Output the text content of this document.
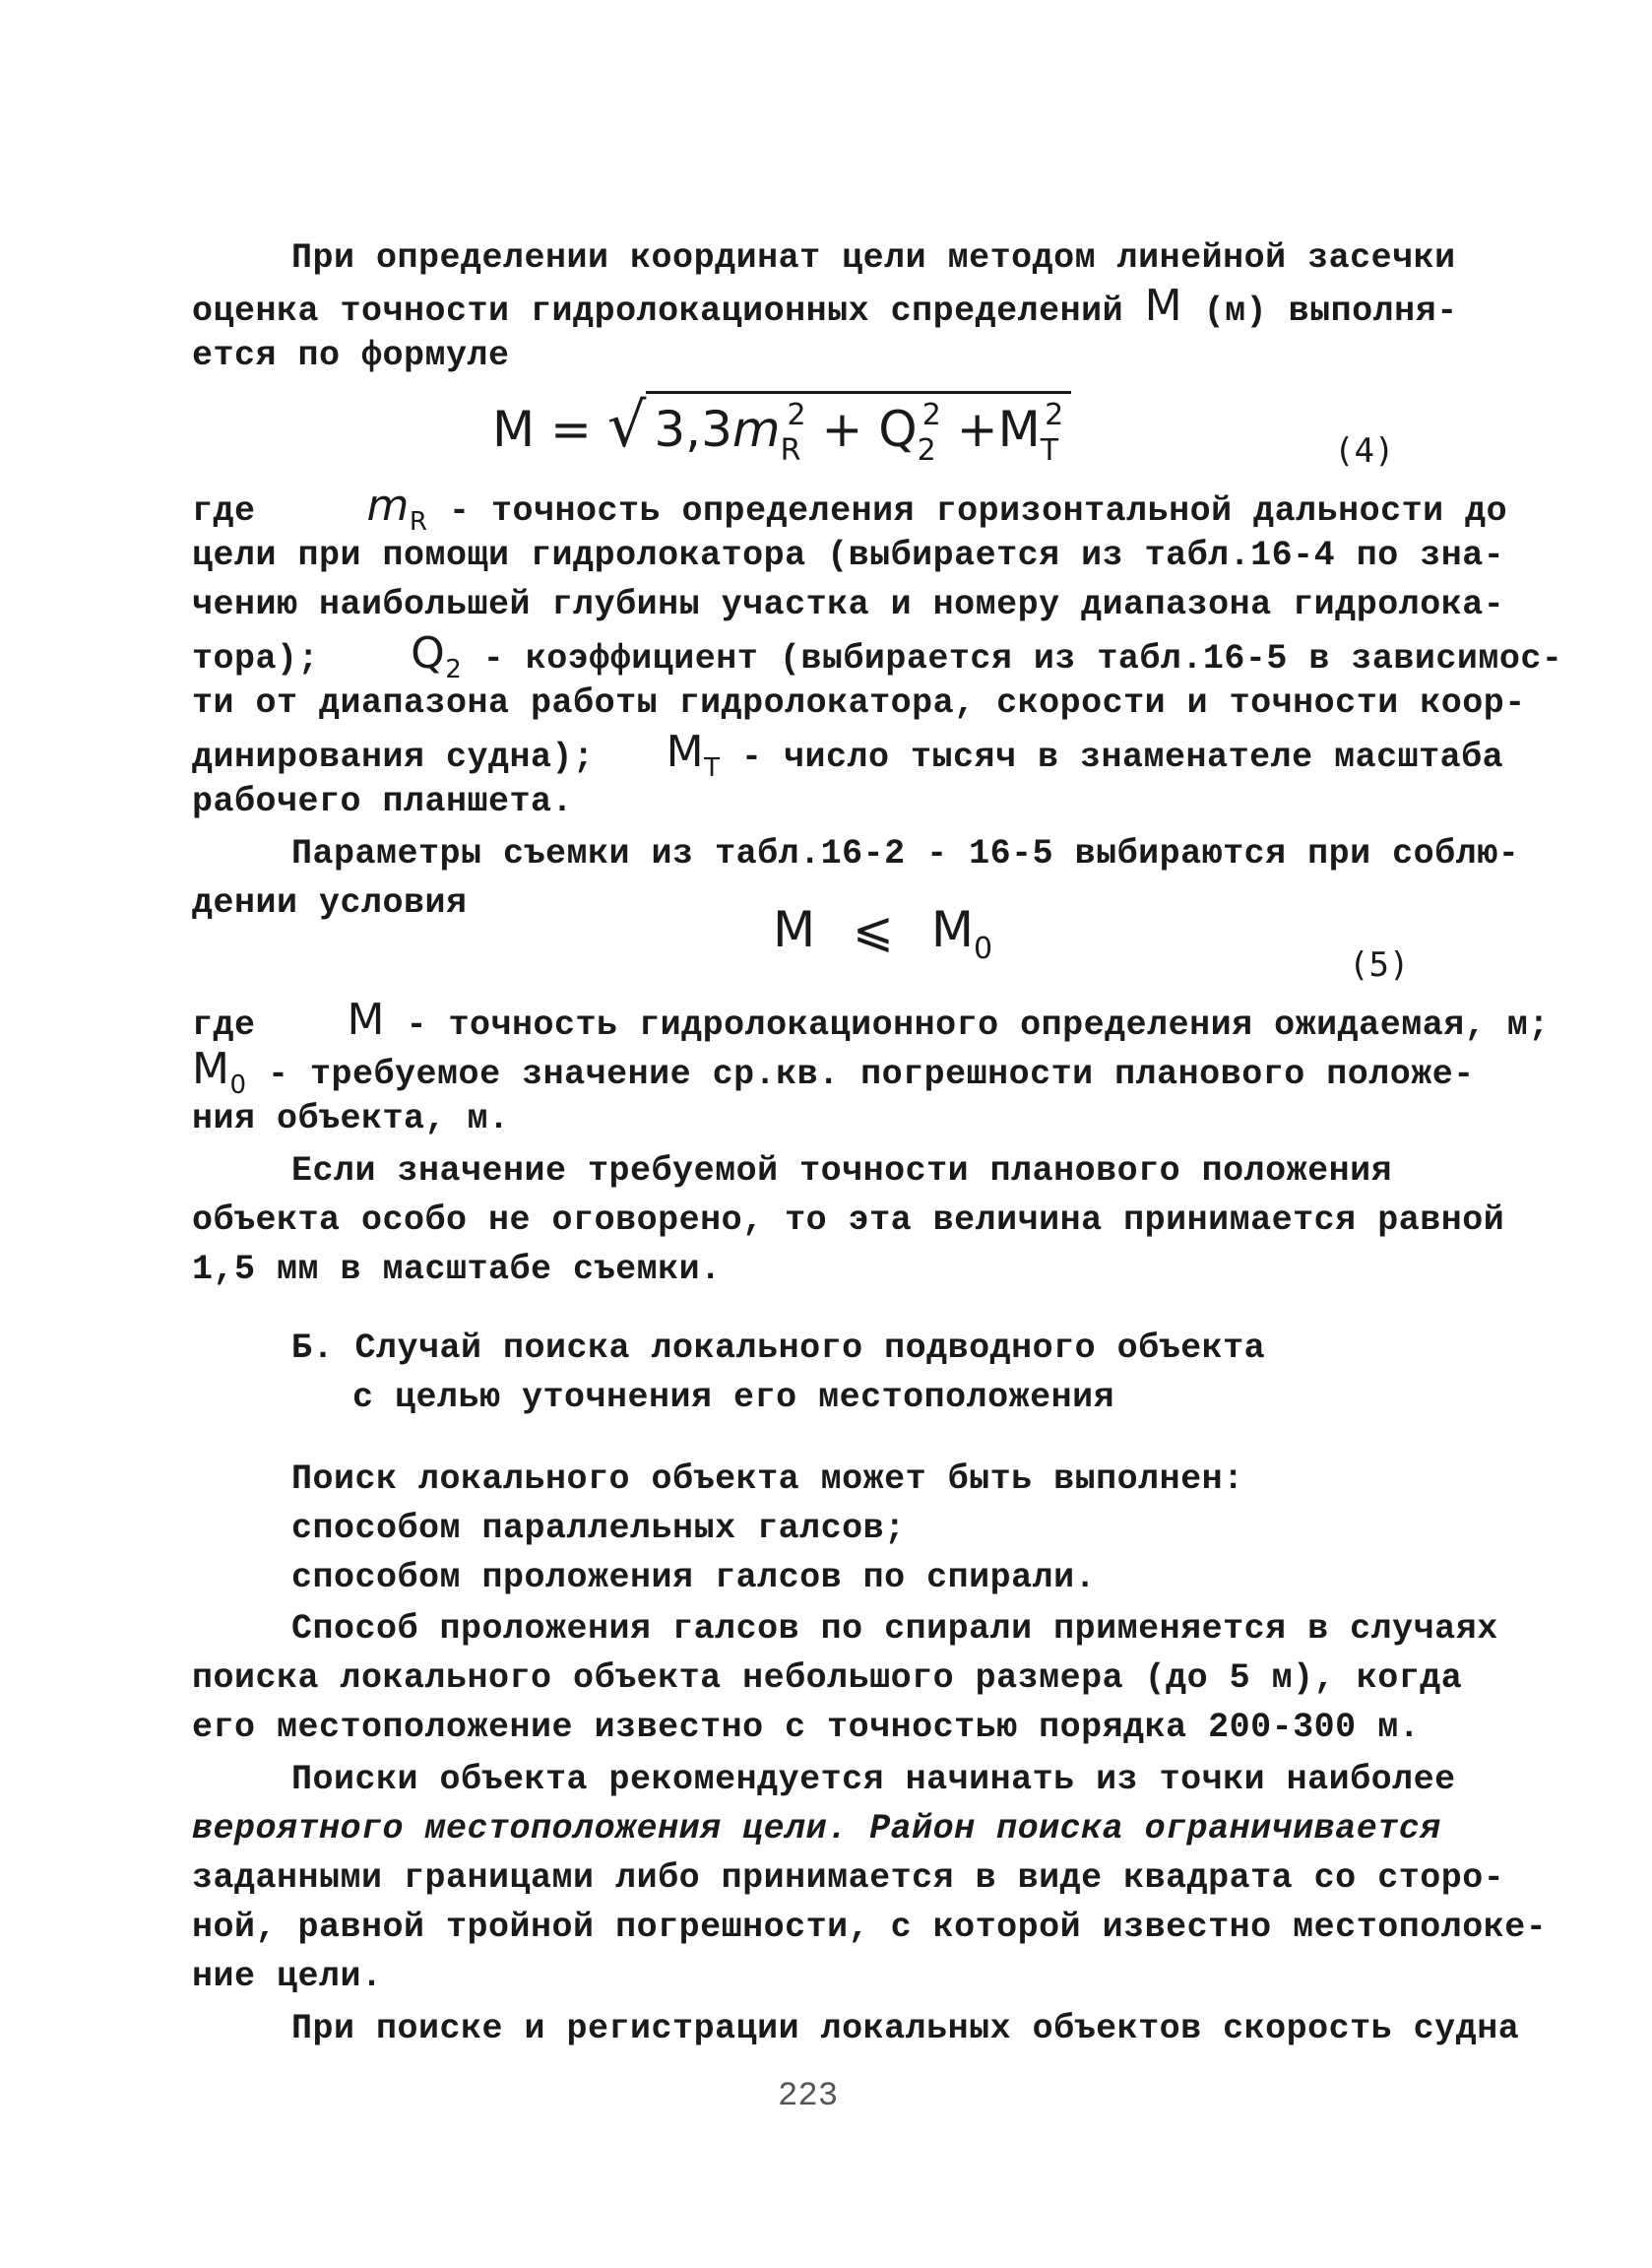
При определении координат цели методом линейной засечки
оценка точности гидролокационных спределений М (м) выполня-
ется по формуле
M = √ $3,3m_R^2 + Q_2^2 +M_T^2$
(4)
где	$m_R$ - точность определения горизонтальной дальности до
цели при помощи гидролокатора (выбирается из табл.16-4 по зна-
чению наибольшей глубины участка и номеру диапазона гидролока-
тора); $Q_2$ - коэффициент (выбирается из табл.16-5 в зависимос-
ти от диапазона работы гидролокатора, скорости и точности коор-
динирования судна); $M_T$ - число тысяч в знаменателе масштаба
рабочего планшета.
Параметры съемки из табл.16-2 - 16-5 выбираются при соблю-
дении условия	M ⩽ $M_0$	(5)
где M - точность гидролокационного определения ожидаемая, м;
$M_0$ - требуемое значение ср.кв. погрешности планового положе-
ния объекта, м.
Если значение требуемой точности планового положения
объекта особо не оговорено, то эта величина принимается равной
1,5 мм в масштабе съемки.
Б. Случай поиска локального подводного объекта
с целью уточнения его местоположения
Поиск локального объекта может быть выполнен:
способом параллельных галсов;
способом проложения галсов по спирали.
Способ проложения галсов по спирали применяется в случаях
поиска локального объекта небольшого размера (до 5 м), когда
его местоположение известно с точностью порядка 200-300 м.
Поиски объекта рекомендуется начинать из точки наиболее
вероятного местоположения цели. Район поиска ограничивается
заданными границами либо принимается в виде квадрата со сторо-
ной, равной тройной погрешности, с которой известно местополоке-
ние цели.
При поиске и регистрации локальных объектов скорость судна
223
